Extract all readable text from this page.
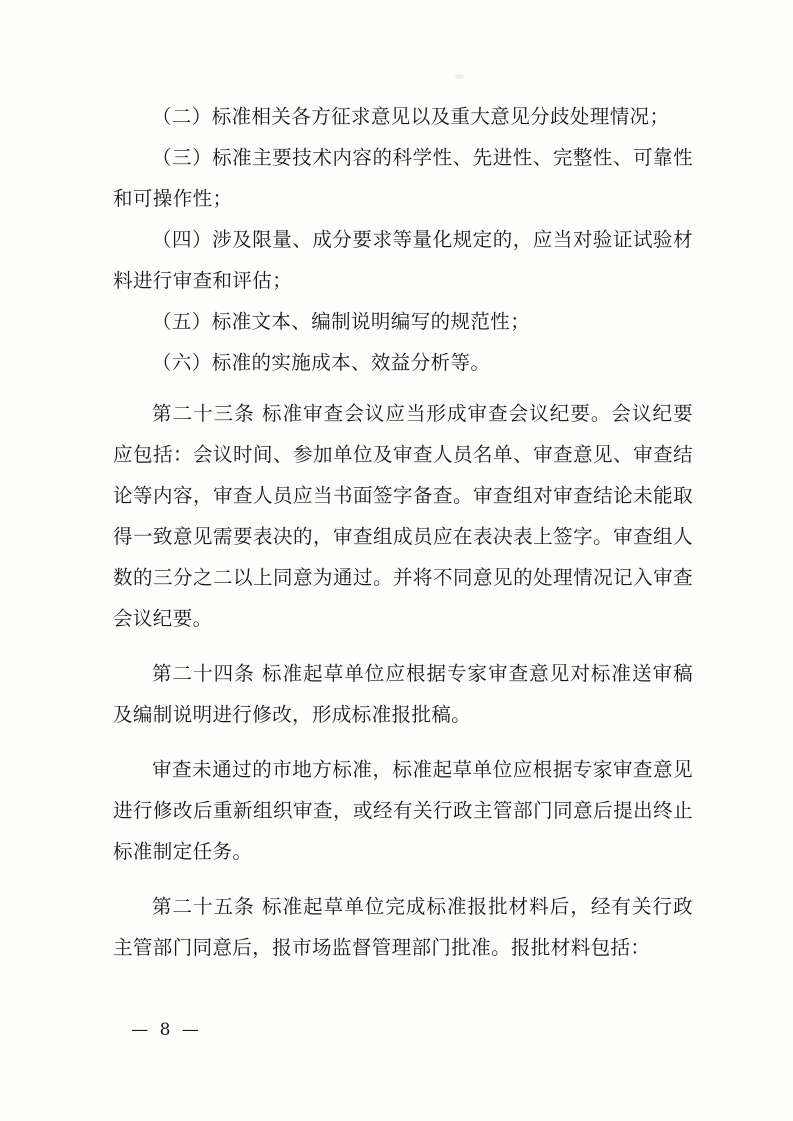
（二）标准相关各方征求意见以及重大意见分歧处理情况；

（三）标准主要技术内容的科学性、先进性、完整性、可靠性和可操作性；

（四）涉及限量、成分要求等量化规定的，应当对验证试验材料进行审查和评估；

（五）标准文本、编制说明编写的规范性；

（六）标准的实施成本、效益分析等。

第二十三条 标准审查会议应当形成审查会议纪要。会议纪要应包括：会议时间、参加单位及审查人员名单、审查意见、审查结论等内容，审查人员应当书面签字备查。审查组对审查结论未能取得一致意见需要表决的，审查组成员应在表决表上签字。审查组人数的三分之二以上同意为通过。并将不同意见的处理情况记入审查会议纪要。

第二十四条 标准起草单位应根据专家审查意见对标准送审稿及编制说明进行修改，形成标准报批稿。

审查未通过的市地方标准，标准起草单位应根据专家审查意见进行修改后重新组织审查，或经有关行政主管部门同意后提出终止标准制定任务。

第二十五条 标准起草单位完成标准报批材料后，经有关行政主管部门同意后，报市场监督管理部门批准。报批材料包括：

— 8 —
